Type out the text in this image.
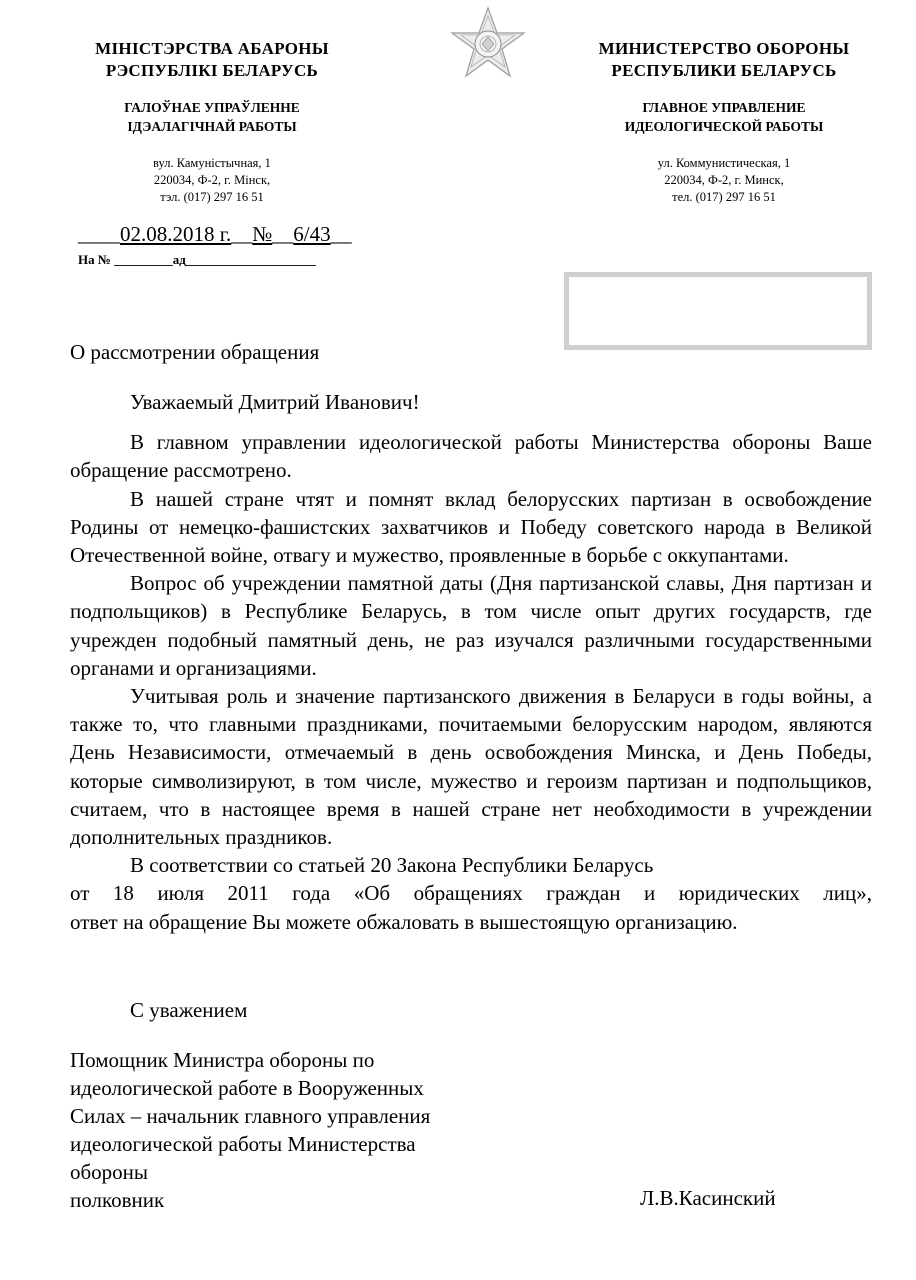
МІНІСТЭРСТВА АБАРОНЫ
РЭСПУБЛІКІ БЕЛАРУСЬ
ГАЛОЎНАЕ УПРАЎЛЕННЕ
ІДЭАЛАГІЧНАЙ РАБОТЫ
вул. Камуністычная, 1
220034, Ф-2, г. Мінск,
тэл. (017) 297 16 51
МИНИСТЕРСТВО ОБОРОНЫ
РЕСПУБЛИКИ БЕЛАРУСЬ
ГЛАВНОЕ УПРАВЛЕНИЕ
ИДЕОЛОГИЧЕСКОЙ РАБОТЫ
ул. Коммунистическая, 1
220034, Ф-2, г. Минск,
тел. (017) 297 16 51
____02.08.2018 г.__№__6/43__
На № _________ад____________________
О рассмотрении обращения

Уважаемый Дмитрий Иванович!

В главном управлении идеологической работы Министерства обороны Ваше обращение рассмотрено.

В нашей стране чтят и помнят вклад белорусских партизан в освобождение Родины от немецко-фашистских захватчиков и Победу советского народа в Великой Отечественной войне, отвагу и мужество, проявленные в борьбе с оккупантами.

Вопрос об учреждении памятной даты (Дня партизанской славы, Дня партизан и подпольщиков) в Республике Беларусь, в том числе опыт других государств, где учрежден подобный памятный день, не раз изучался различными государственными органами и организациями.

Учитывая роль и значение партизанского движения в Беларуси в годы войны, а также то, что главными праздниками, почитаемыми белорусским народом, являются День Независимости, отмечаемый в день освобождения Минска, и День Победы, которые символизируют, в том числе, мужество и героизм партизан и подпольщиков, считаем, что в настоящее время в нашей стране нет необходимости в учреждении дополнительных праздников.

В соответствии со статьей 20 Закона Республики Беларусь

от 18 июля 2011 года «Об обращениях граждан и юридических лиц»,

ответ на обращение Вы можете обжаловать в вышестоящую организацию.

С уважением
Помощник Министра обороны по
идеологической работе в Вооруженных
Силах – начальник главного управления
идеологической работы Министерства
обороны
полковник	Л.В.Касинский
